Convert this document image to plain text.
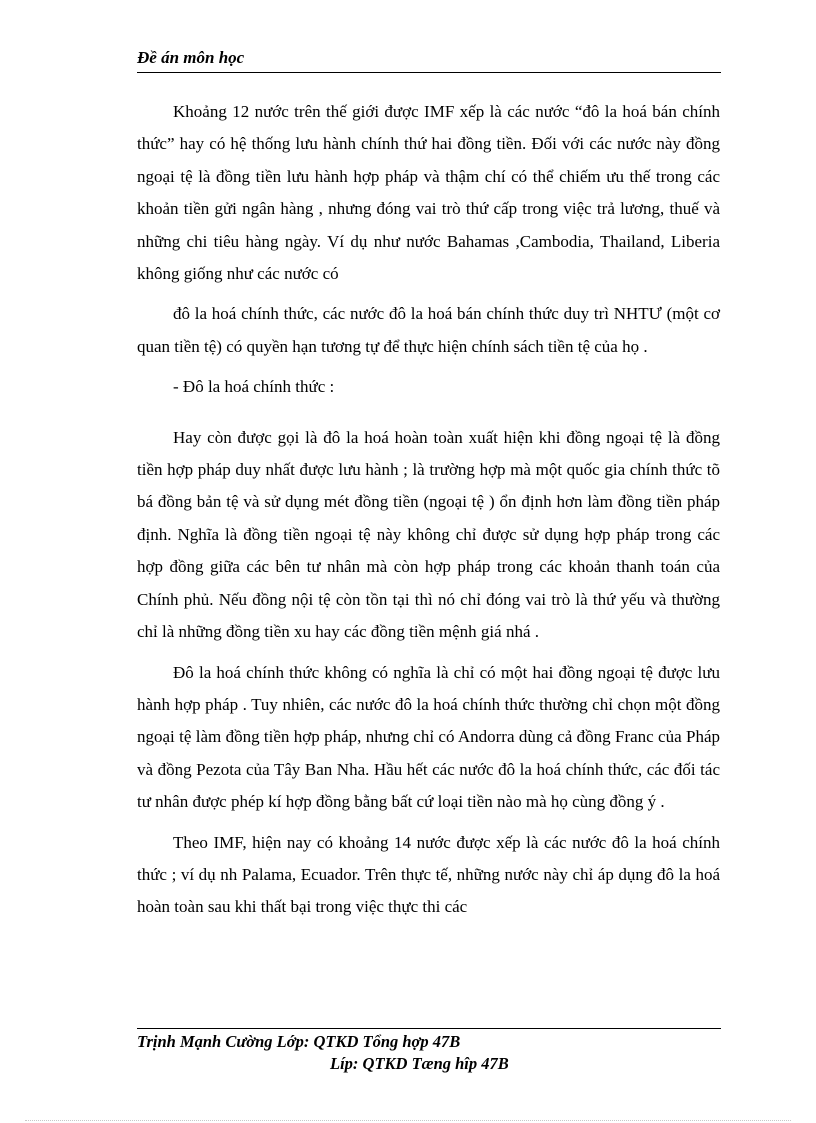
Đề án môn học

Khoảng 12 nước trên thế giới được IMF xếp là các nước “đô la hoá bán chính thức” hay có hệ thống lưu hành chính thứ hai đồng tiền. Đối với các nước này đồng ngoại tệ là đồng tiền lưu hành hợp pháp và thậm chí có thể chiếm ưu thế trong các khoản tiền gửi ngân hàng , nhưng đóng vai trò thứ cấp trong việc trả lương, thuế và những chi tiêu hàng ngày. Ví dụ như nước Bahamas ,Cambodia, Thailand, Liberia không giống như các nước có

đô la hoá chính thức, các nước đô la hoá bán chính thức duy trì NHTƯ (một cơ quan tiền tệ) có quyền hạn tương tự để thực hiện chính sách tiền tệ của họ .

- Đô la hoá chính thức :

Hay còn được gọi là đô la hoá hoàn toàn xuất hiện khi đồng ngoại tệ là đồng tiền hợp pháp duy nhất được lưu hành ; là trường hợp mà một quốc gia chính thức tõ bá đồng bản tệ và sử dụng mét đồng tiền (ngoại tệ ) ổn định hơn làm đồng tiền pháp định. Nghĩa là đồng tiền ngoại tệ này không chỉ được sử dụng hợp pháp trong các hợp đồng giữa các bên tư nhân mà còn hợp pháp trong các khoản thanh toán của Chính phủ. Nếu đồng nội tệ còn tồn tại thì nó chỉ đóng vai trò là thứ yếu và thường chỉ là những đồng tiền xu hay các đồng tiền mệnh giá nhá .

Đô la hoá chính thức không có nghĩa là chỉ có một hai đồng ngoại tệ được lưu hành hợp pháp . Tuy nhiên, các nước đô la hoá chính thức thường chỉ chọn một đồng ngoại tệ làm đồng tiền hợp pháp, nhưng chỉ có Andorra dùng cả đồng Franc của Pháp và đồng Pezota của Tây Ban Nha. Hầu hết các nước đô la hoá chính thức, các đối tác tư nhân được phép kí hợp đồng bằng bất cứ loại tiền nào mà họ cùng đồng ý .

Theo IMF, hiện nay có khoảng 14 nước được xếp là các nước đô la hoá chính thức ; ví dụ nh Palama, Ecuador. Trên thực tế, những nước này chỉ áp dụng đô la hoá hoàn toàn sau khi thất bại trong việc thực thi các

Trịnh Mạnh Cường Lớp: QTKD Tổng hợp 47B
Líp: QTKD Tæng hîp 47B
